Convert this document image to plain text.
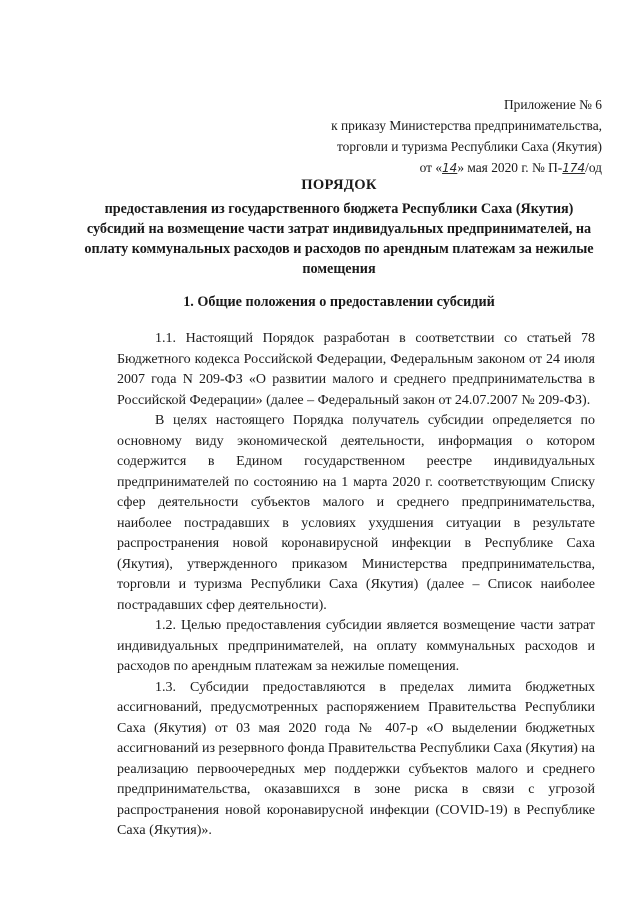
Приложение № 6
к приказу Министерства предпринимательства,
торговли и туризма Республики Саха (Якутия)
от «14» мая 2020 г. № П-174/од
ПОРЯДОК
предоставления из государственного бюджета Республики Саха (Якутия) субсидий на возмещение части затрат индивидуальных предпринимателей, на оплату коммунальных расходов и расходов по арендным платежам за нежилые помещения
1. Общие положения о предоставлении субсидий

1.1. Настоящий Порядок разработан в соответствии со статьей 78 Бюджетного кодекса Российской Федерации, Федеральным законом от 24 июля 2007 года N 209-ФЗ «О развитии малого и среднего предпринимательства в Российской Федерации» (далее – Федеральный закон от 24.07.2007 № 209-ФЗ).

В целях настоящего Порядка получатель субсидии определяется по основному виду экономической деятельности, информация о котором содержится в Едином государственном реестре индивидуальных предпринимателей по состоянию на 1 марта 2020 г. соответствующим Списку сфер деятельности субъектов малого и среднего предпринимательства, наиболее пострадавших в условиях ухудшения ситуации в результате распространения новой коронавирусной инфекции в Республике Саха (Якутия), утвержденного приказом Министерства предпринимательства, торговли и туризма Республики Саха (Якутия) (далее – Список наиболее пострадавших сфер деятельности).

1.2. Целью предоставления субсидии является возмещение части затрат индивидуальных предпринимателей, на оплату коммунальных расходов и расходов по арендным платежам за нежилые помещения.

1.3. Субсидии предоставляются в пределах лимита бюджетных ассигнований, предусмотренных распоряжением Правительства Республики Саха (Якутия) от 03 мая 2020 года № 407-р «О выделении бюджетных ассигнований из резервного фонда Правительства Республики Саха (Якутия) на реализацию первоочередных мер поддержки субъектов малого и среднего предпринимательства, оказавшихся в зоне риска в связи с угрозой распространения новой коронавирусной инфекции (COVID-19) в Республике Саха (Якутия)».
